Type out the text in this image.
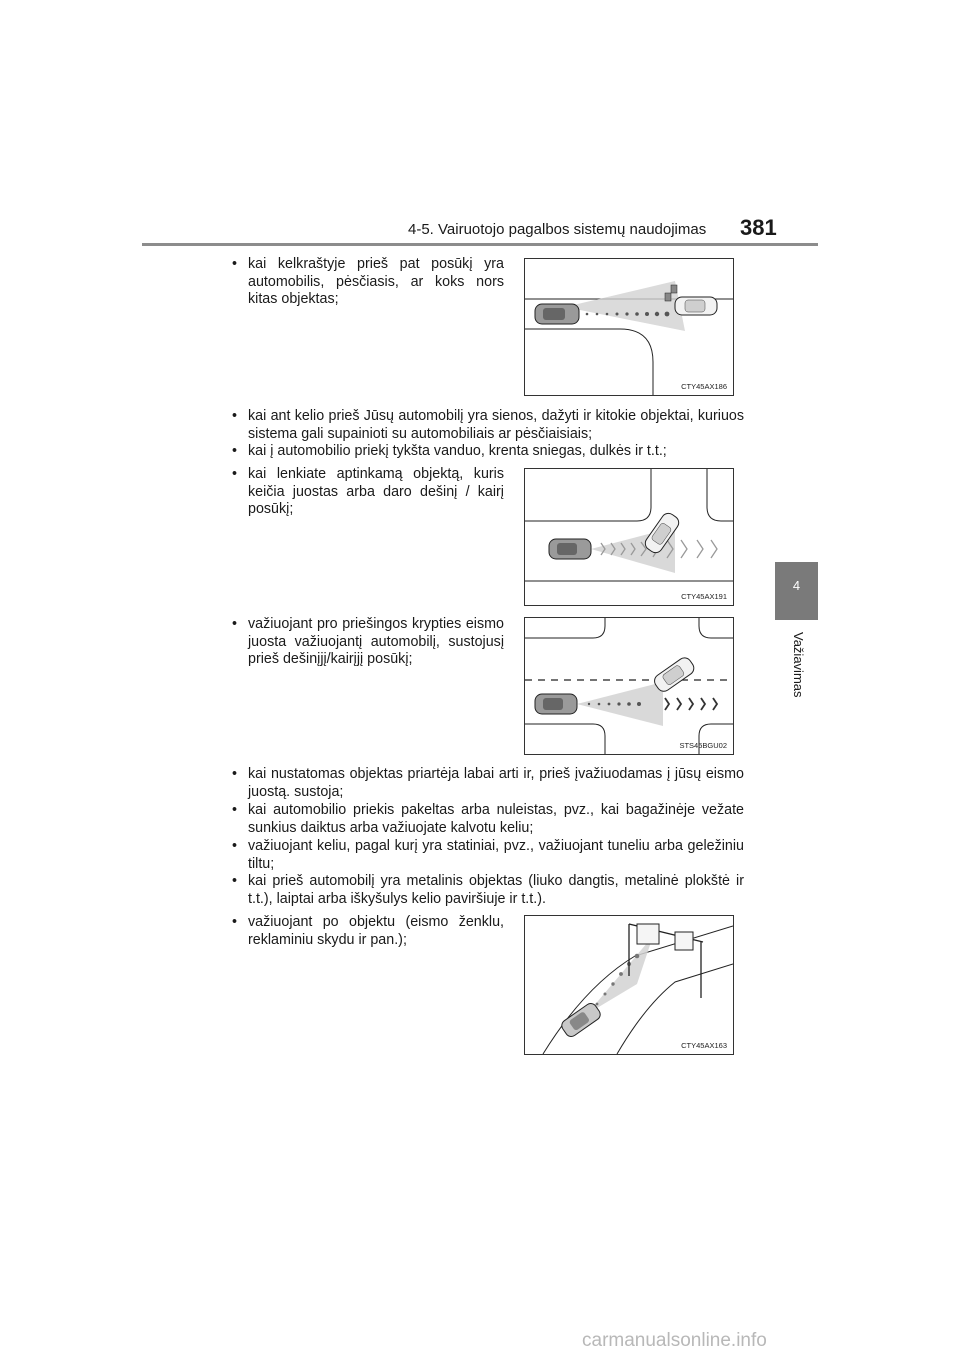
4-5. Vairuotojo pagalbos sistemų naudojimas 381
4
Važiavimas

• kai kelkraštyje prieš pat posūkį yra automobilis, pėsčiasis, ar koks nors kitas objektas;

• kai ant kelio prieš Jūsų automobilį yra sienos, dažyti ir kitokie objektai, kuriuos sistema gali supainioti su automobiliais ar pėsčiaisiais;

• kai į automobilio priekį tykšta vanduo, krenta sniegas, dulkės ir t.t.;

• kai lenkiate aptinkamą objektą, kuris keičia juostas arba daro dešinį / kairį posūkį;

• važiuojant pro priešingos krypties eismo juosta važiuojantį automobilį, sustojusį prieš dešinįjį/kairįjį posūkį;

• kai nustatomas objektas priartėja labai arti ir, prieš įvažiuodamas į jūsų eismo juostą. sustoja;

• kai automobilio priekis pakeltas arba nuleistas, pvz., kai bagažinėje vežate sunkius daiktus arba važiuojate kalvotu keliu;

• važiuojant keliu, pagal kurį yra statiniai, pvz., važiuojant tuneliu arba geležiniu tiltu;

• kai prieš automobilį yra metalinis objektas (liuko dangtis, metalinė plokštė ir t.t.), laiptai arba iškyšulys kelio paviršiuje ir t.t.).

• važiuojant po objektu (eismo ženklu, reklaminiu skydu ir pan.);

CTY45AX186
CTY45AX191
STS45BGU02
CTY45AX163
carmanualsonline.info
